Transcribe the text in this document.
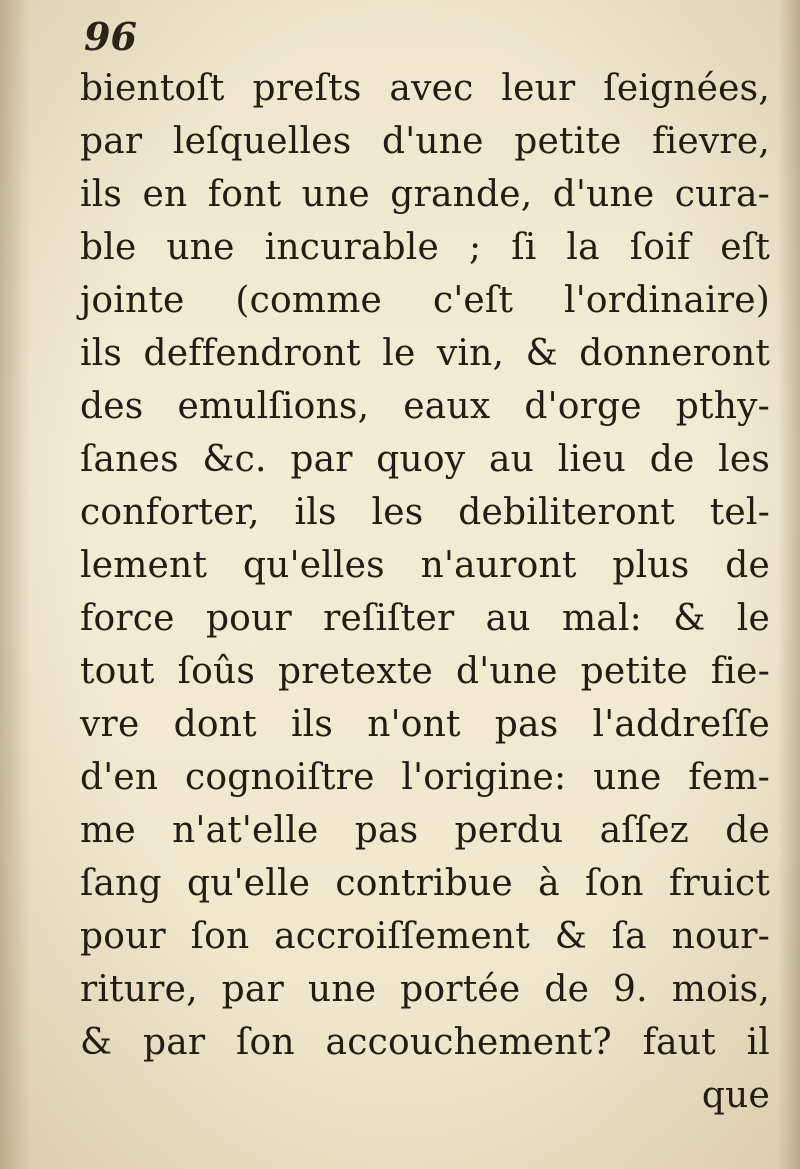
96
bientoſt preſts avec leur ſeignées,
par leſquelles d'une petite fievre,
ils en font une grande, d'une cura-
ble une incurable ; ſi la ſoif eſt
jointe (comme c'eſt l'ordinaire)
ils deffendront le vin, & donneront
des emulſions, eaux d'orge pthy-
ſanes &c. par quoy au lieu de les
conforter, ils les debiliteront tel-
lement qu'elles n'auront plus de
force pour reſiſter au mal: & le
tout ſoûs pretexte d'une petite fie-
vre dont ils n'ont pas l'addreſſe
d'en cognoiſtre l'origine: une fem-
me n'at'elle pas perdu aſſez de
ſang qu'elle contribue à ſon fruict
pour ſon accroiſſement & ſa nour-
riture, par une portée de 9. mois,
& par ſon accouchement? faut il
que
